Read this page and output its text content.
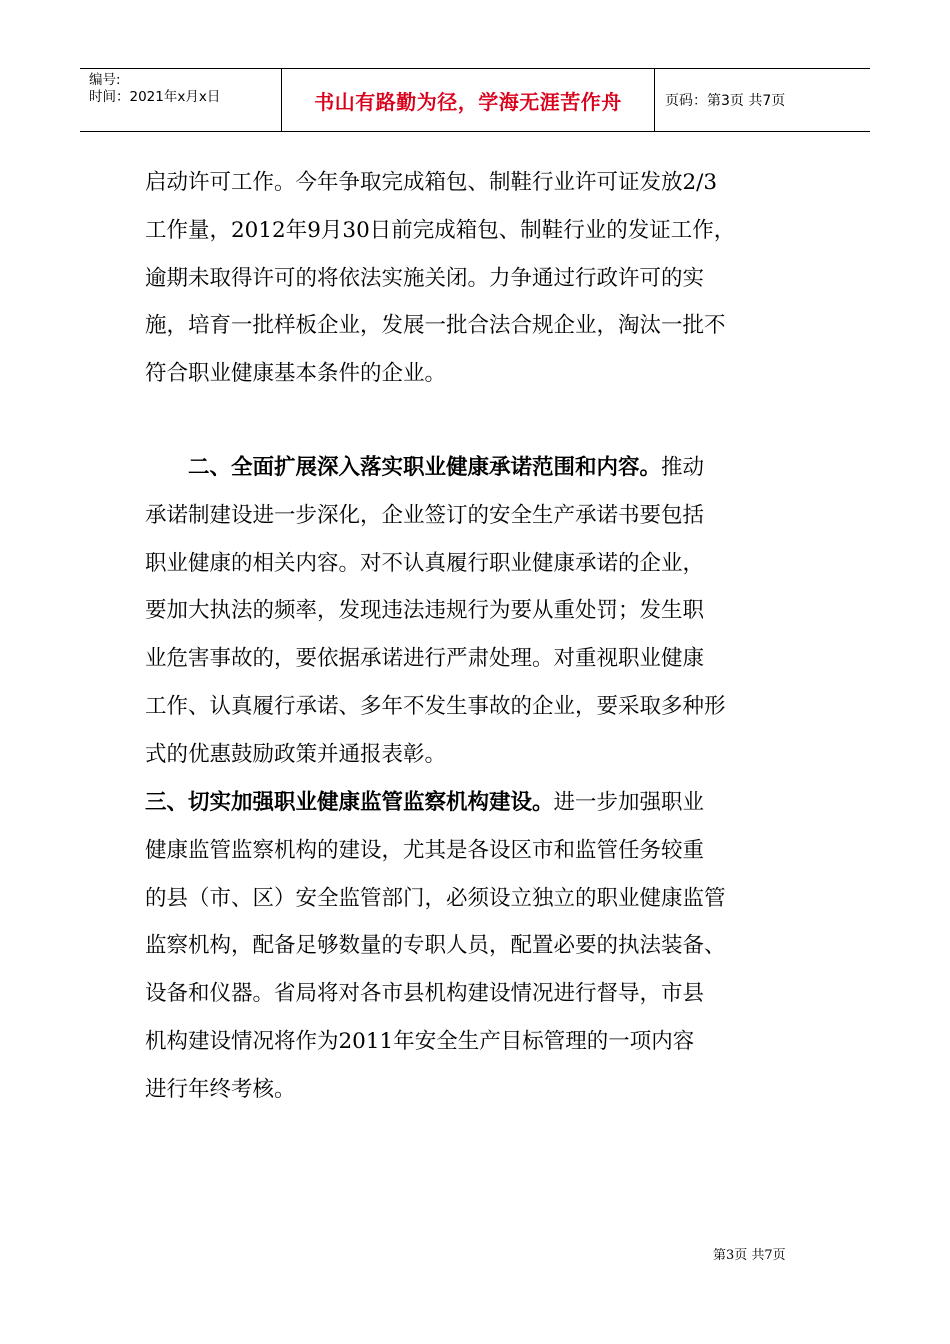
编号:
时间：2021年x月x日	书山有路勤为径，学海无涯苦作舟	页码：第3页 共7页
启动许可工作。今年争取完成箱包、制鞋行业许可证发放2/3
工作量，2012年9月30日前完成箱包、制鞋行业的发证工作，
逾期未取得许可的将依法实施关闭。力争通过行政许可的实
施，培育一批样板企业，发展一批合法合规企业，淘汰一批不
符合职业健康基本条件的企业。
二、全面扩展深入落实职业健康承诺范围和内容。推动
承诺制建设进一步深化，企业签订的安全生产承诺书要包括
职业健康的相关内容。对不认真履行职业健康承诺的企业，
要加大执法的频率，发现违法违规行为要从重处罚；发生职
业危害事故的，要依据承诺进行严肃处理。对重视职业健康
工作、认真履行承诺、多年不发生事故的企业，要采取多种形
式的优惠鼓励政策并通报表彰。
三、切实加强职业健康监管监察机构建设。进一步加强职业
健康监管监察机构的建设，尤其是各设区市和监管任务较重
的县（市、区）安全监管部门，必须设立独立的职业健康监管
监察机构，配备足够数量的专职人员，配置必要的执法装备、
设备和仪器。省局将对各市县机构建设情况进行督导，市县
机构建设情况将作为2011年安全生产目标管理的一项内容
进行年终考核。
第3页 共7页
